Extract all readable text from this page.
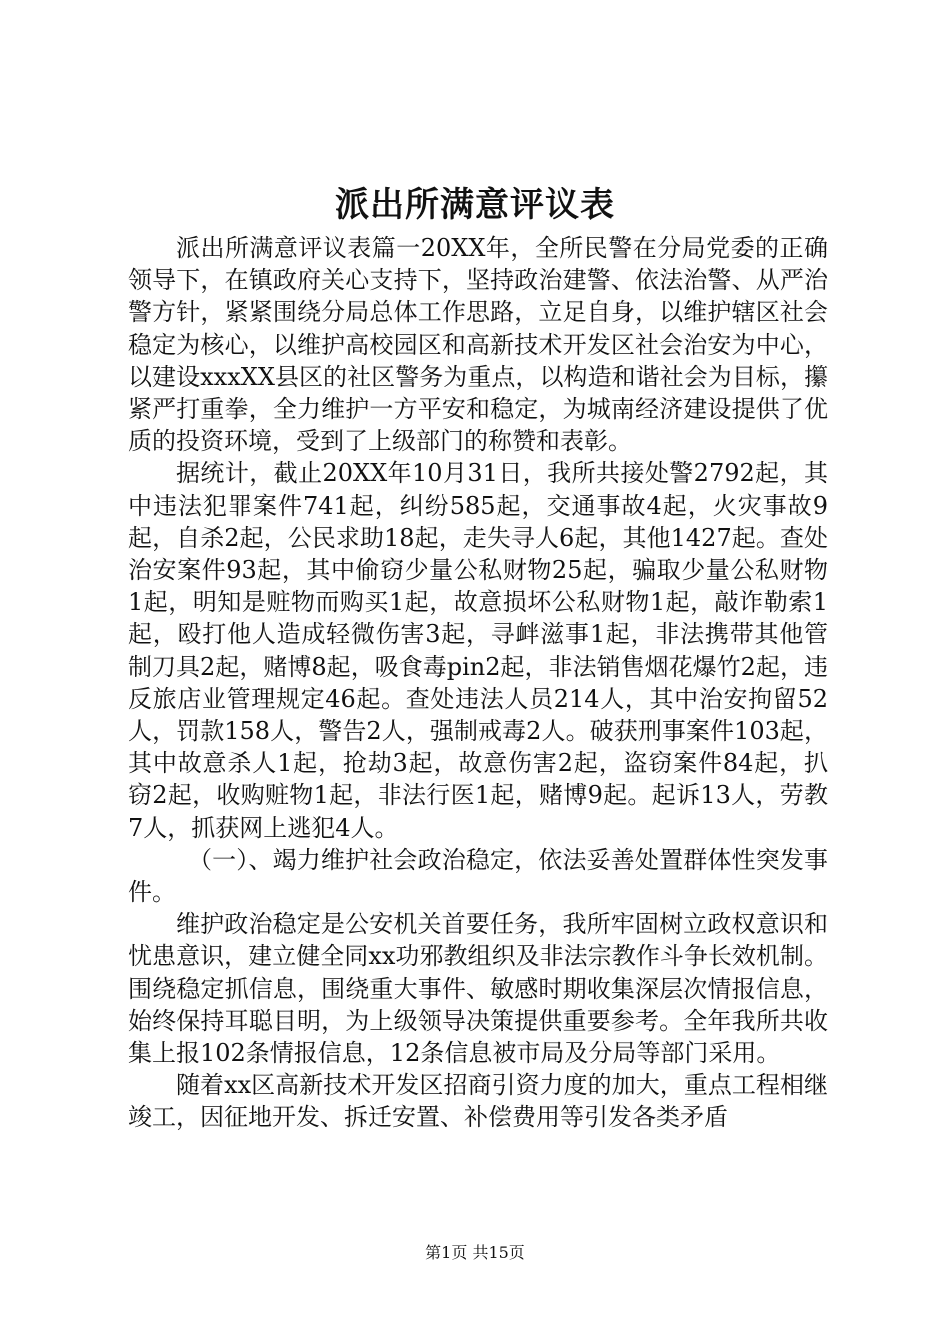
派出所满意评议表

派出所满意评议表篇一20XX年，全所民警在分局党委的正确领导下，在镇政府关心支持下，坚持政治建警、依法治警、从严治警方针，紧紧围绕分局总体工作思路，立足自身，以维护辖区社会稳定为核心，以维护高校园区和高新技术开发区社会治安为中心，以建设xxxXX县区的社区警务为重点，以构造和谐社会为目标，攥紧严打重拳，全力维护一方平安和稳定，为城南经济建设提供了优质的投资环境，受到了上级部门的称赞和表彰。

据统计，截止20XX年10月31日，我所共接处警2792起，其中违法犯罪案件741起，纠纷585起，交通事故4起，火灾事故9起，自杀2起，公民求助18起，走失寻人6起，其他1427起。查处治安案件93起，其中偷窃少量公私财物25起，骗取少量公私财物1起，明知是赃物而购买1起，故意损坏公私财物1起，敲诈勒索1起，殴打他人造成轻微伤害3起，寻衅滋事1起，非法携带其他管制刀具2起，赌博8起，吸食毒pin2起，非法销售烟花爆竹2起，违反旅店业管理规定46起。查处违法人员214人，其中治安拘留52人，罚款158人，警告2人，强制戒毒2人。破获刑事案件103起，其中故意杀人1起，抢劫3起，故意伤害2起，盗窃案件84起，扒窃2起，收购赃物1起，非法行医1起，赌博9起。起诉13人，劳教7人，抓获网上逃犯4人。

（一）、竭力维护社会政治稳定，依法妥善处置群体性突发事件。

维护政治稳定是公安机关首要任务，我所牢固树立政权意识和忧患意识，建立健全同xx功邪教组织及非法宗教作斗争长效机制。围绕稳定抓信息，围绕重大事件、敏感时期收集深层次情报信息，始终保持耳聪目明，为上级领导决策提供重要参考。全年我所共收集上报102条情报信息，12条信息被市局及分局等部门采用。

随着xx区高新技术开发区招商引资力度的加大，重点工程相继竣工，因征地开发、拆迁安置、补偿费用等引发各类矛盾

第1页 共15页
